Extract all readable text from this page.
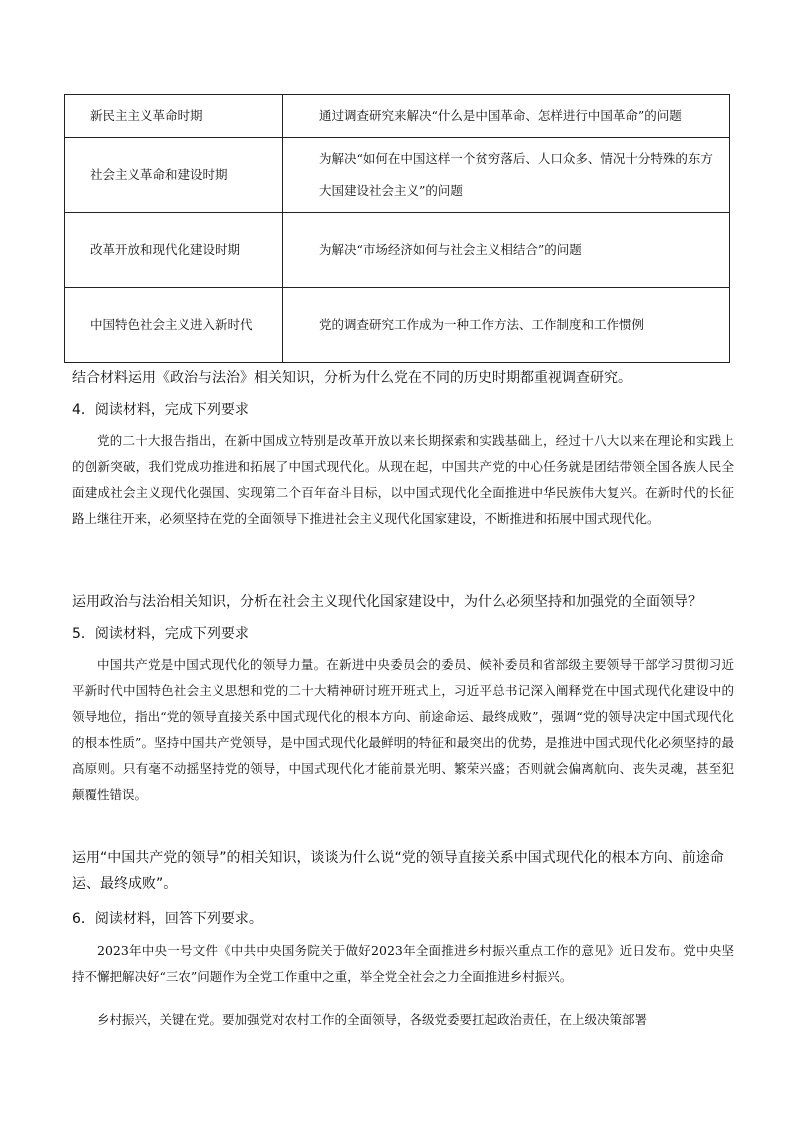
新民主主义革命时期	通过调查研究来解决“什么是中国革命、怎样进行中国革命”的问题
社会主义革命和建设时期	为解决“如何在中国这样一个贫穷落后、人口众多、情况十分特殊的东方大国建设社会主义”的问题
改革开放和现代化建设时期	为解决“市场经济如何与社会主义相结合”的问题
中国特色社会主义进入新时代	党的调查研究工作成为一种工作方法、工作制度和工作惯例

结合材料运用《政治与法治》相关知识，分析为什么党在不同的历史时期都重视调查研究。

4．阅读材料，完成下列要求

党的二十大报告指出，在新中国成立特别是改革开放以来长期探索和实践基础上，经过十八大以来在理论和实践上的创新突破，我们党成功推进和拓展了中国式现代化。从现在起，中国共产党的中心任务就是团结带领全国各族人民全面建成社会主义现代化强国、实现第二个百年奋斗目标，以中国式现代化全面推进中华民族伟大复兴。在新时代的长征路上继往开来，必须坚持在党的全面领导下推进社会主义现代化国家建设，不断推进和拓展中国式现代化。

运用政治与法治相关知识，分析在社会主义现代化国家建设中，为什么必须坚持和加强党的全面领导？

5．阅读材料，完成下列要求

中国共产党是中国式现代化的领导力量。在新进中央委员会的委员、候补委员和省部级主要领导干部学习贯彻习近平新时代中国特色社会主义思想和党的二十大精神研讨班开班式上，习近平总书记深入阐释党在中国式现代化建设中的领导地位，指出“党的领导直接关系中国式现代化的根本方向、前途命运、最终成败”，强调“党的领导决定中国式现代化的根本性质”。坚持中国共产党领导，是中国式现代化最鲜明的特征和最突出的优势，是推进中国式现代化必须坚持的最高原则。只有毫不动摇坚持党的领导，中国式现代化才能前景光明、繁荣兴盛；否则就会偏离航向、丧失灵魂，甚至犯颠覆性错误。

运用“中国共产党的领导”的相关知识，谈谈为什么说“党的领导直接关系中国式现代化的根本方向、前途命运、最终成败”。

6．阅读材料，回答下列要求。

2023年中央一号文件《中共中央国务院关于做好2023年全面推进乡村振兴重点工作的意见》近日发布。党中央坚持不懈把解决好“三农”问题作为全党工作重中之重，举全党全社会之力全面推进乡村振兴。

乡村振兴，关键在党。要加强党对农村工作的全面领导，各级党委要扛起政治责任，在上级决策部署
